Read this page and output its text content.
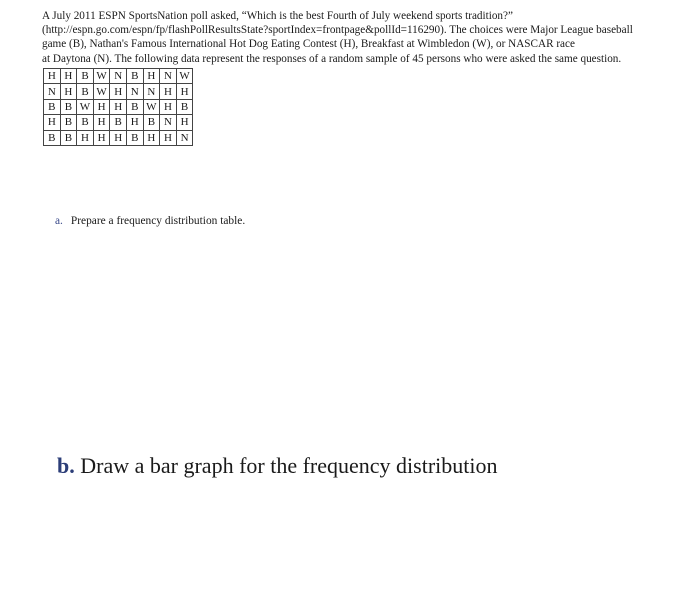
A July 2011 ESPN SportsNation poll asked, “Which is the best Fourth of July weekend sports tradition?”

(http://espn.go.com/espn/fp/flashPollResultsState?sportIndex=frontpage&pollId=116290). The choices were Major League baseball

game (B), Nathan's Famous International Hot Dog Eating Contest (H), Breakfast at Wimbledon (W), or NASCAR race

at Daytona (N). The following data represent the responses of a random sample of 45 persons who were asked the same question.

H	H	B	W	N	B	H	N	W
N	H	B	W	H	N	N	H	H
B	B	W	H	H	B	W	H	B
H	B	B	H	B	H	B	N	H
B	B	H	H	H	B	H	H	N
a. Prepare a frequency distribution table.
b. Draw a bar graph for the frequency distribution
